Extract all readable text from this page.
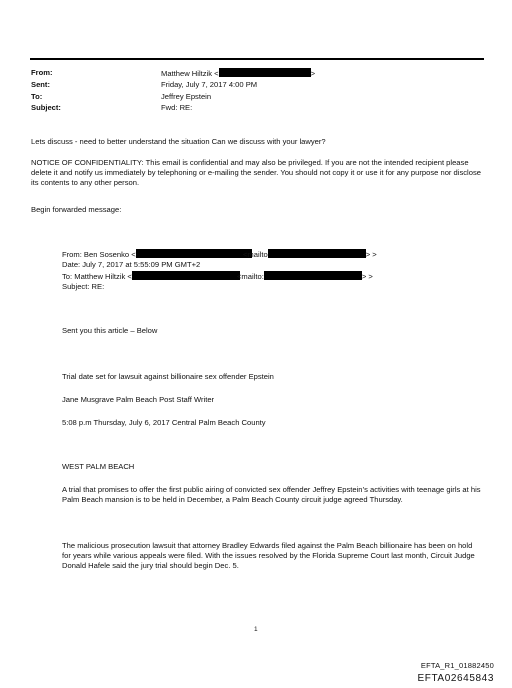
From:	Matthew Hiltzik <	>
Sent:	Friday, July 7, 2017 4:00 PM
To:	Jeffrey Epstein
Subject:	Fwd: RE:
Lets discuss - need to better understand the situation Can we discuss with your lawyer?
NOTICE OF CONFIDENTIALITY: This email is confidential and may also be privileged. If you are not the intended recipient please delete it and notify us immediately by telephoning or e-mailing the sender. You should not copy it or use it for any purpose nor disclose its contents to any other person.
Begin forwarded message:
From: Ben Sosenko <	<mailto	> >
Date: July 7, 2017 at 5:55:09 PM GMT+2
To: Matthew Hiltzik <	<mailto:	> >
Subject: RE:
Sent you this article – Below
Trial date set for lawsuit against billionaire sex offender Epstein
Jane Musgrave Palm Beach Post Staff Writer
5:08 p.m Thursday, July 6, 2017 Central Palm Beach County
WEST PALM BEACH
A trial that promises to offer the first public airing of convicted sex offender Jeffrey Epstein’s activities with teenage girls at his Palm Beach mansion is to be held in December, a Palm Beach County circuit judge agreed Thursday.
The malicious prosecution lawsuit that attorney Bradley Edwards filed against the Palm Beach billionaire has been on hold for years while various appeals were filed. With the issues resolved by the Florida Supreme Court last month, Circuit Judge Donald Hafele said the jury trial should begin Dec. 5.
1
EFTA_R1_01882450
EFTA02645843
